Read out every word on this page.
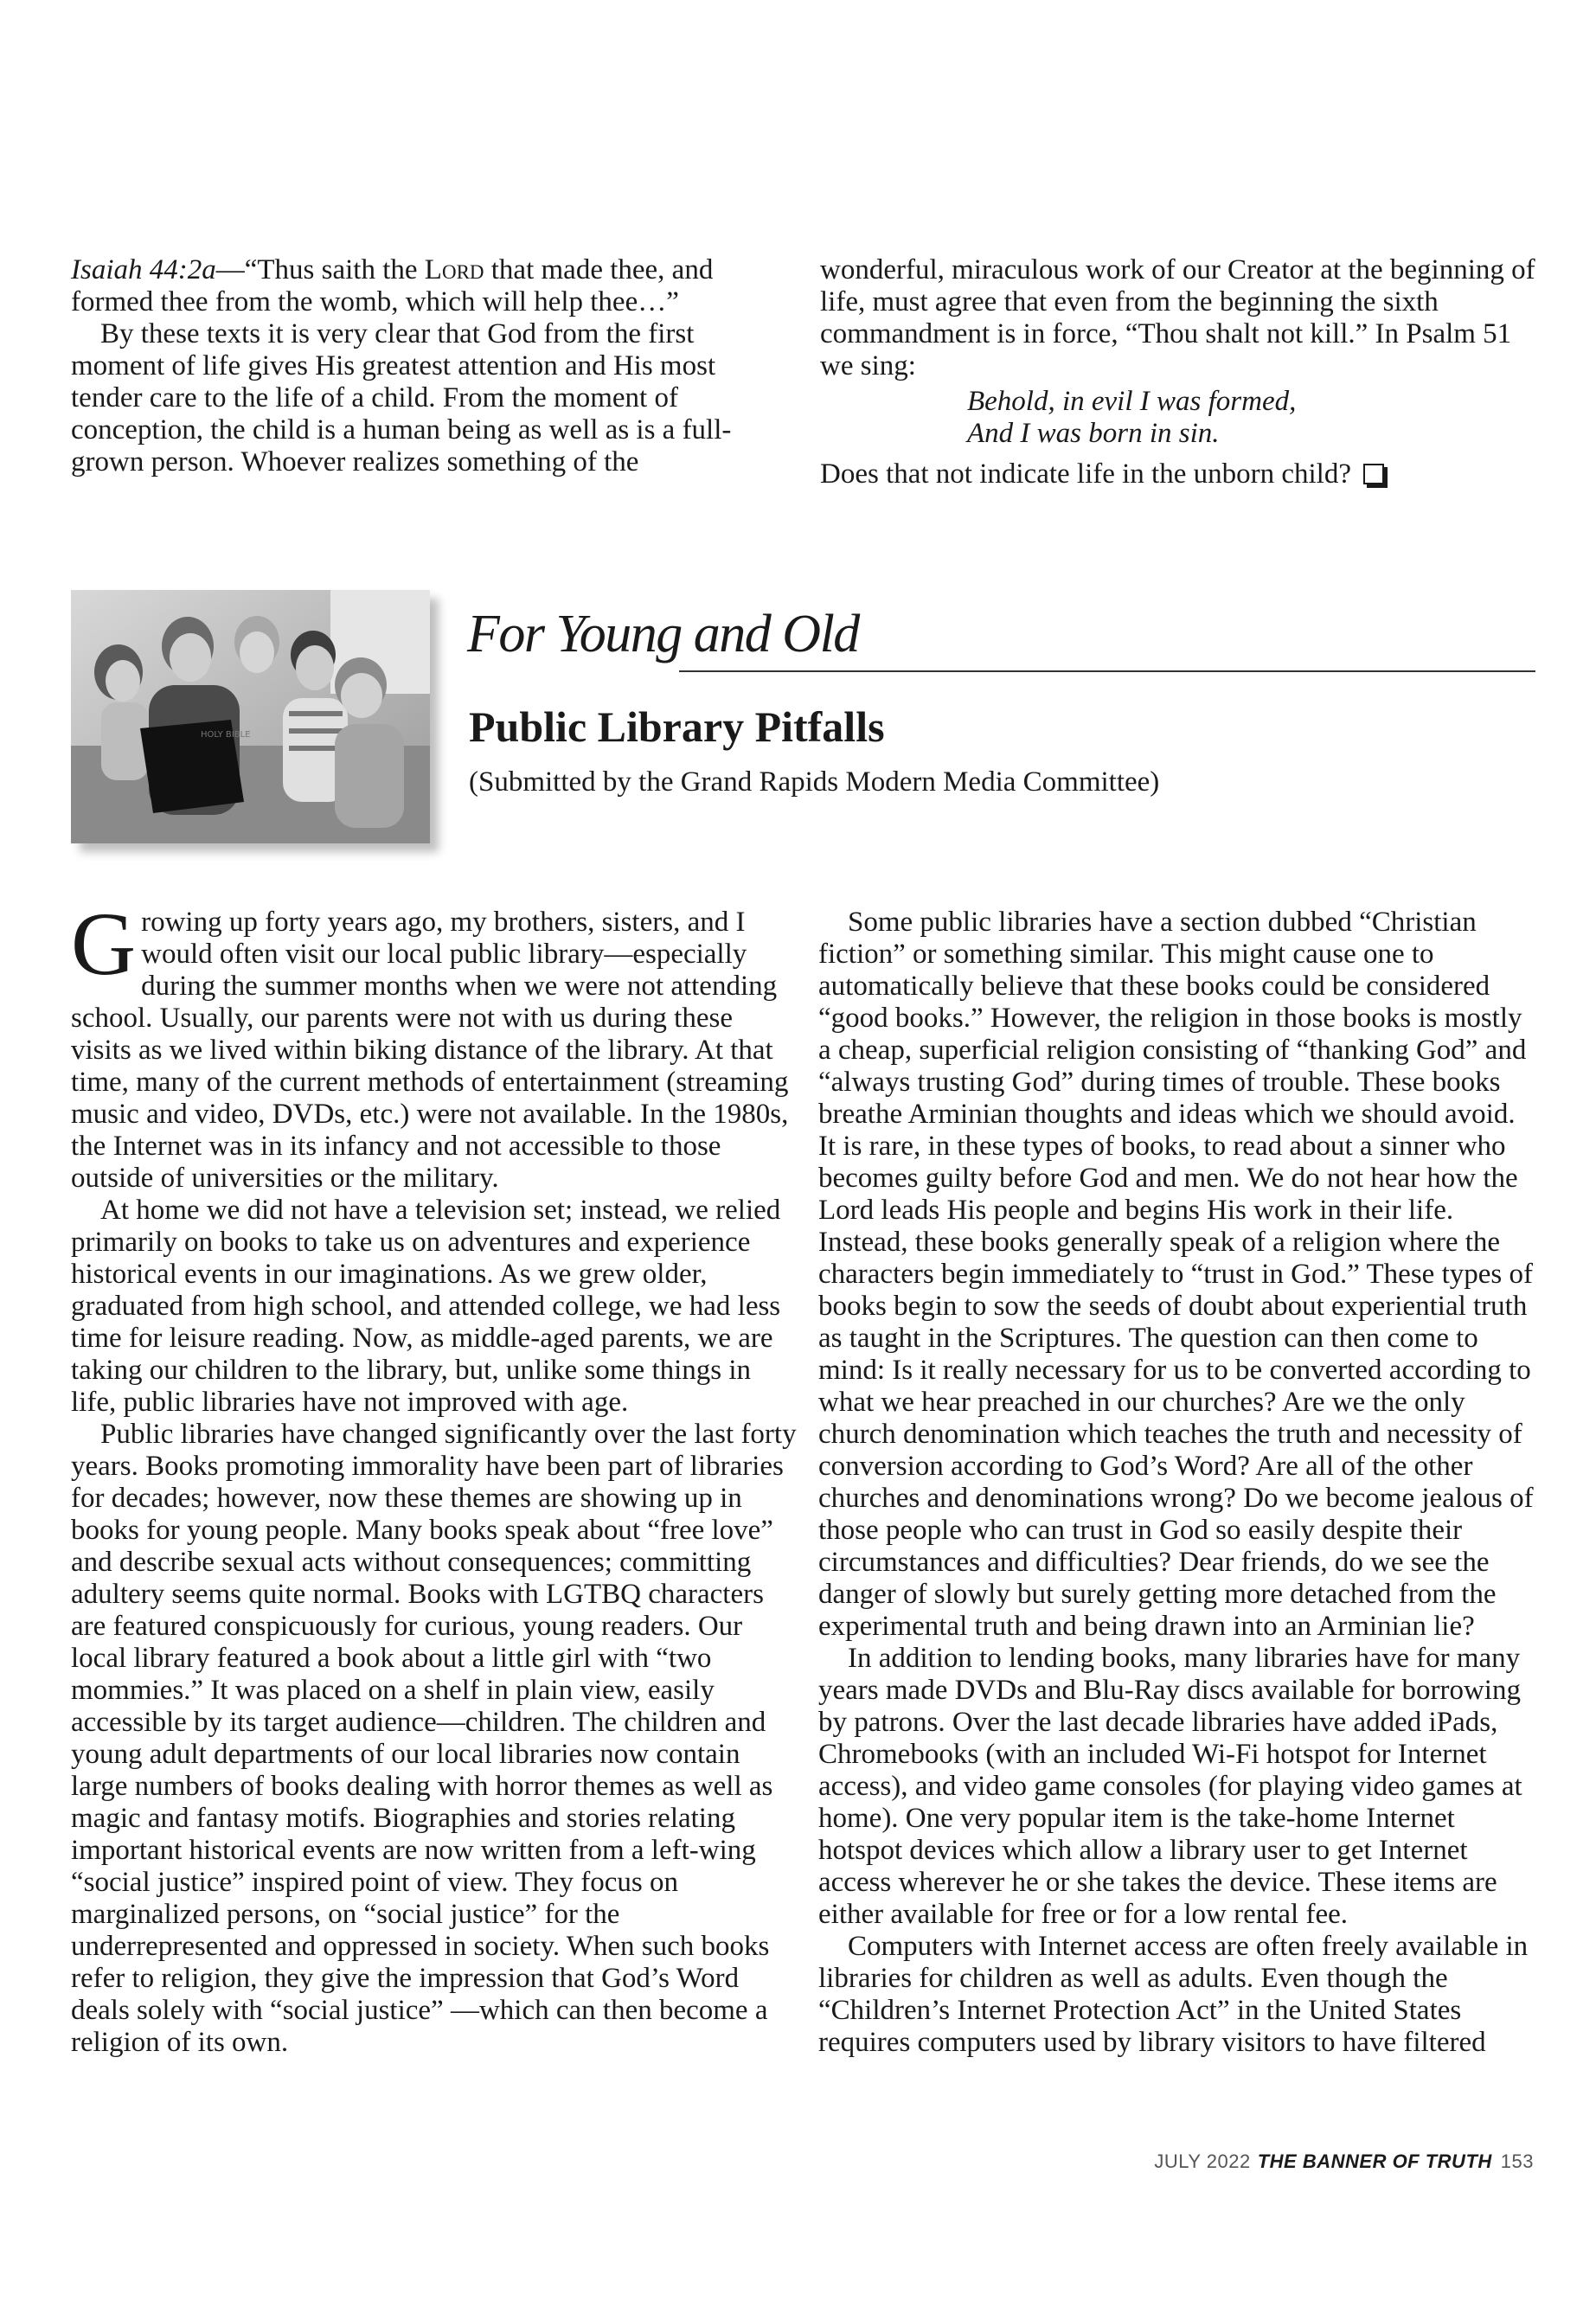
Isaiah 44:2a—“Thus saith the Lord that made thee, and formed thee from the womb, which will help thee…”

By these texts it is very clear that God from the first moment of life gives His greatest attention and His most tender care to the life of a child. From the moment of conception, the child is a human being as well as is a full-grown person. Whoever realizes something of the

wonderful, miraculous work of our Creator at the beginning of life, must agree that even from the beginning the sixth commandment is in force, “Thou shalt not kill.” In Psalm 51 we sing:

Behold, in evil I was formed,

And I was born in sin.

Does that not indicate life in the unborn child?

HOLY BIBLE
For Young and Old
Public Library Pitfalls
(Submitted by the Grand Rapids Modern Media Committee)

Growing up forty years ago, my brothers, sisters, and I would often visit our local public library—especially during the summer months when we were not attending school. Usually, our parents were not with us during these visits as we lived within biking distance of the library. At that time, many of the current methods of entertainment (streaming music and video, DVDs, etc.) were not available. In the 1980s, the Internet was in its infancy and not accessible to those outside of universities or the military.

At home we did not have a television set; instead, we relied primarily on books to take us on adventures and experience historical events in our imaginations. As we grew older, graduated from high school, and attended college, we had less time for leisure reading. Now, as middle-aged parents, we are taking our children to the library, but, unlike some things in life, public libraries have not improved with age.

Public libraries have changed significantly over the last forty years. Books promoting immorality have been part of libraries for decades; however, now these themes are showing up in books for young people. Many books speak about “free love” and describe sexual acts without consequences; committing adultery seems quite normal. Books with LGTBQ characters are featured conspicuously for curious, young readers. Our local library featured a book about a little girl with “two mommies.” It was placed on a shelf in plain view, easily accessible by its target audience—children. The children and young adult departments of our local libraries now contain large numbers of books dealing with horror themes as well as magic and fantasy motifs. Biographies and stories relating important historical events are now written from a left-wing “social justice” inspired point of view. They focus on marginalized persons, on “social justice” for the underrepresented and oppressed in society. When such books refer to religion, they give the impression that God’s Word deals solely with “social justice” —which can then become a religion of its own.

Some public libraries have a section dubbed “Christian fiction” or something similar. This might cause one to automatically believe that these books could be considered “good books.” However, the religion in those books is mostly a cheap, superficial religion consisting of “thanking God” and “always trusting God” during times of trouble. These books breathe Arminian thoughts and ideas which we should avoid. It is rare, in these types of books, to read about a sinner who becomes guilty before God and men. We do not hear how the Lord leads His people and begins His work in their life. Instead, these books generally speak of a religion where the characters begin immediately to “trust in God.” These types of books begin to sow the seeds of doubt about experiential truth as taught in the Scriptures. The question can then come to mind: Is it really necessary for us to be converted according to what we hear preached in our churches? Are we the only church denomination which teaches the truth and necessity of conversion according to God’s Word? Are all of the other churches and denominations wrong? Do we become jealous of those people who can trust in God so easily despite their circumstances and difficulties? Dear friends, do we see the danger of slowly but surely getting more detached from the experimental truth and being drawn into an Arminian lie?

In addition to lending books, many libraries have for many years made DVDs and Blu-Ray discs available for borrowing by patrons. Over the last decade libraries have added iPads, Chromebooks (with an included Wi-Fi hotspot for Internet access), and video game consoles (for playing video games at home). One very popular item is the take-home Internet hotspot devices which allow a library user to get Internet access wherever he or she takes the device. These items are either available for free or for a low rental fee.

Computers with Internet access are often freely available in libraries for children as well as adults. Even though the “Children’s Internet Protection Act” in the United States requires computers used by library visitors to have filtered

JULY 2022 THE BANNER OF TRUTH 153
